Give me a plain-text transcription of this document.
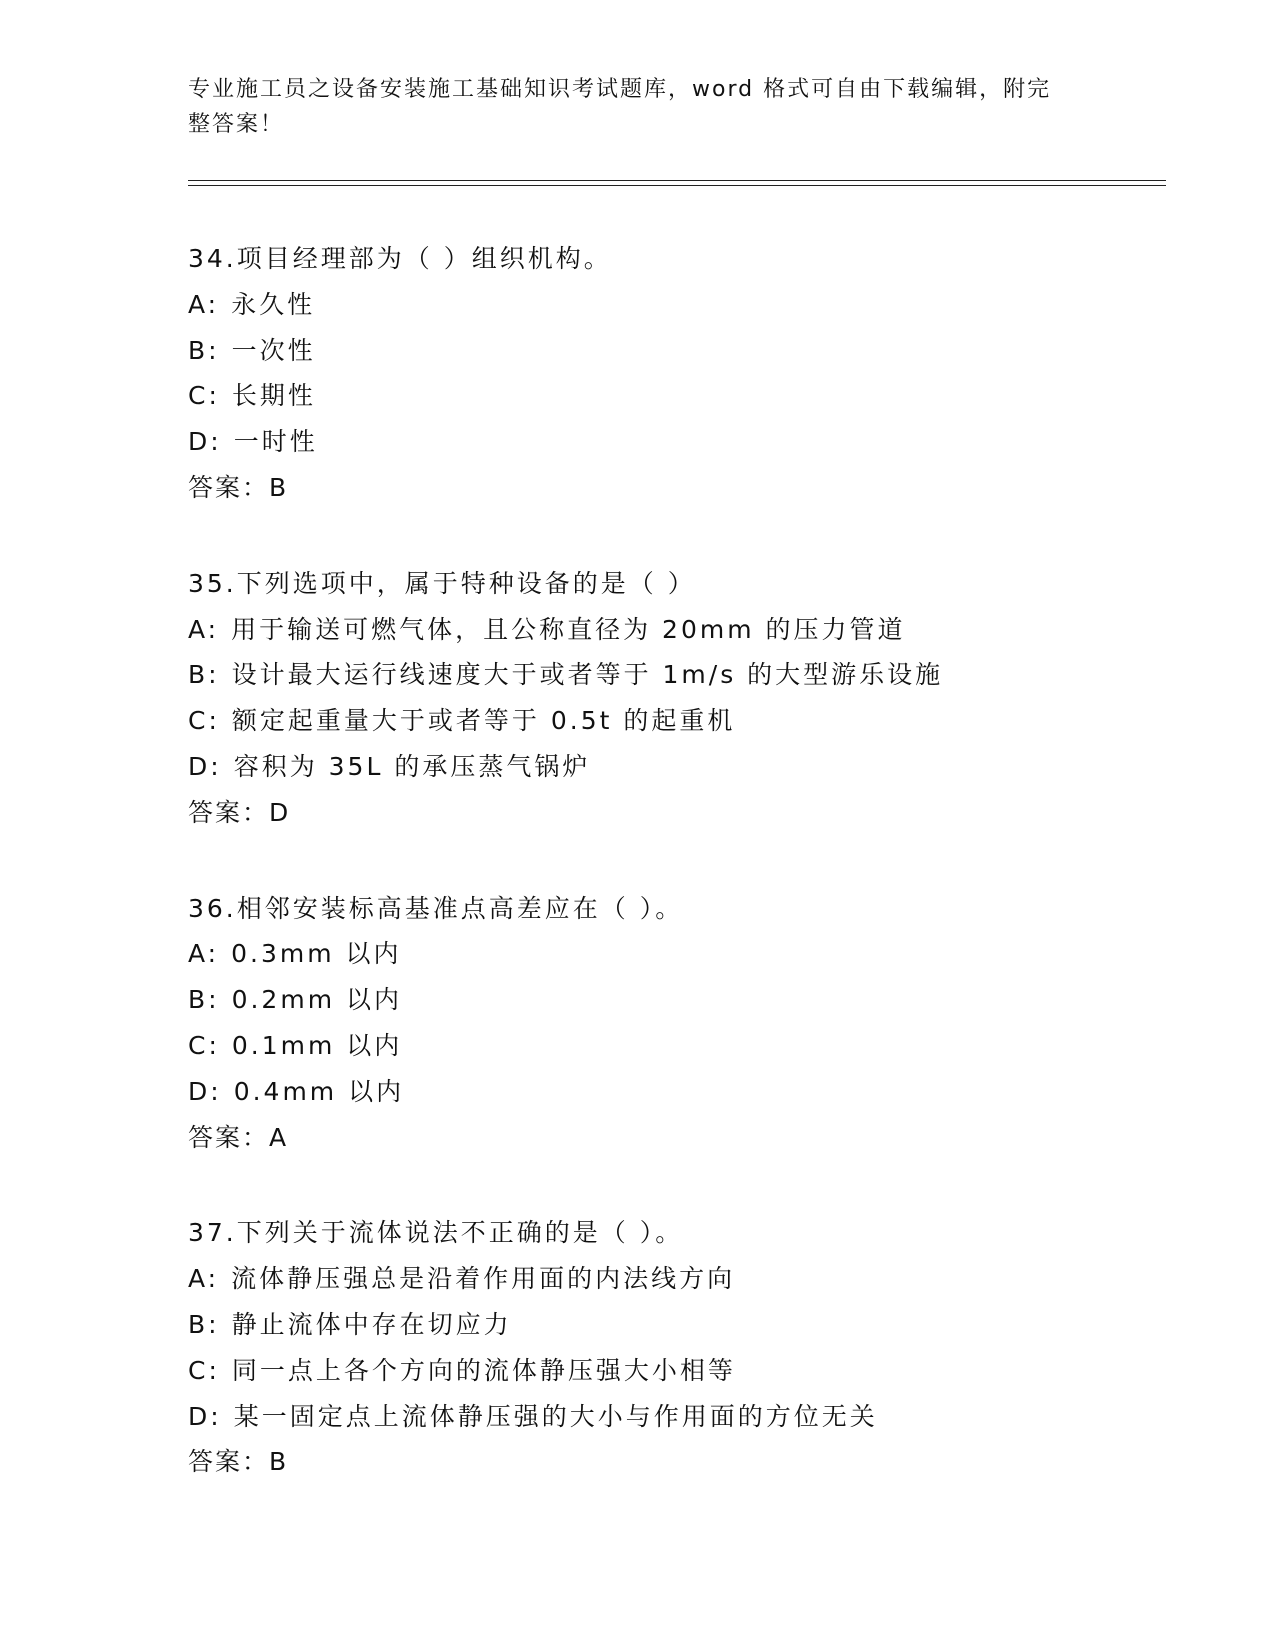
专业施工员之设备安装施工基础知识考试题库，word 格式可自由下载编辑，附完
整答案！
34.项目经理部为（ ）组织机构。
A: 永久性
B: 一次性
C: 长期性
D: 一时性
答案：B
35.下列选项中，属于特种设备的是（ ）
A: 用于输送可燃气体，且公称直径为 20mm 的压力管道
B: 设计最大运行线速度大于或者等于 1m/s 的大型游乐设施
C: 额定起重量大于或者等于 0.5t 的起重机
D: 容积为 35L 的承压蒸气锅炉
答案：D
36.相邻安装标高基准点高差应在（ ）。
A: 0.3mm 以内
B: 0.2mm 以内
C: 0.1mm 以内
D: 0.4mm 以内
答案：A
37.下列关于流体说法不正确的是（ ）。
A: 流体静压强总是沿着作用面的内法线方向
B: 静止流体中存在切应力
C: 同一点上各个方向的流体静压强大小相等
D: 某一固定点上流体静压强的大小与作用面的方位无关
答案：B
